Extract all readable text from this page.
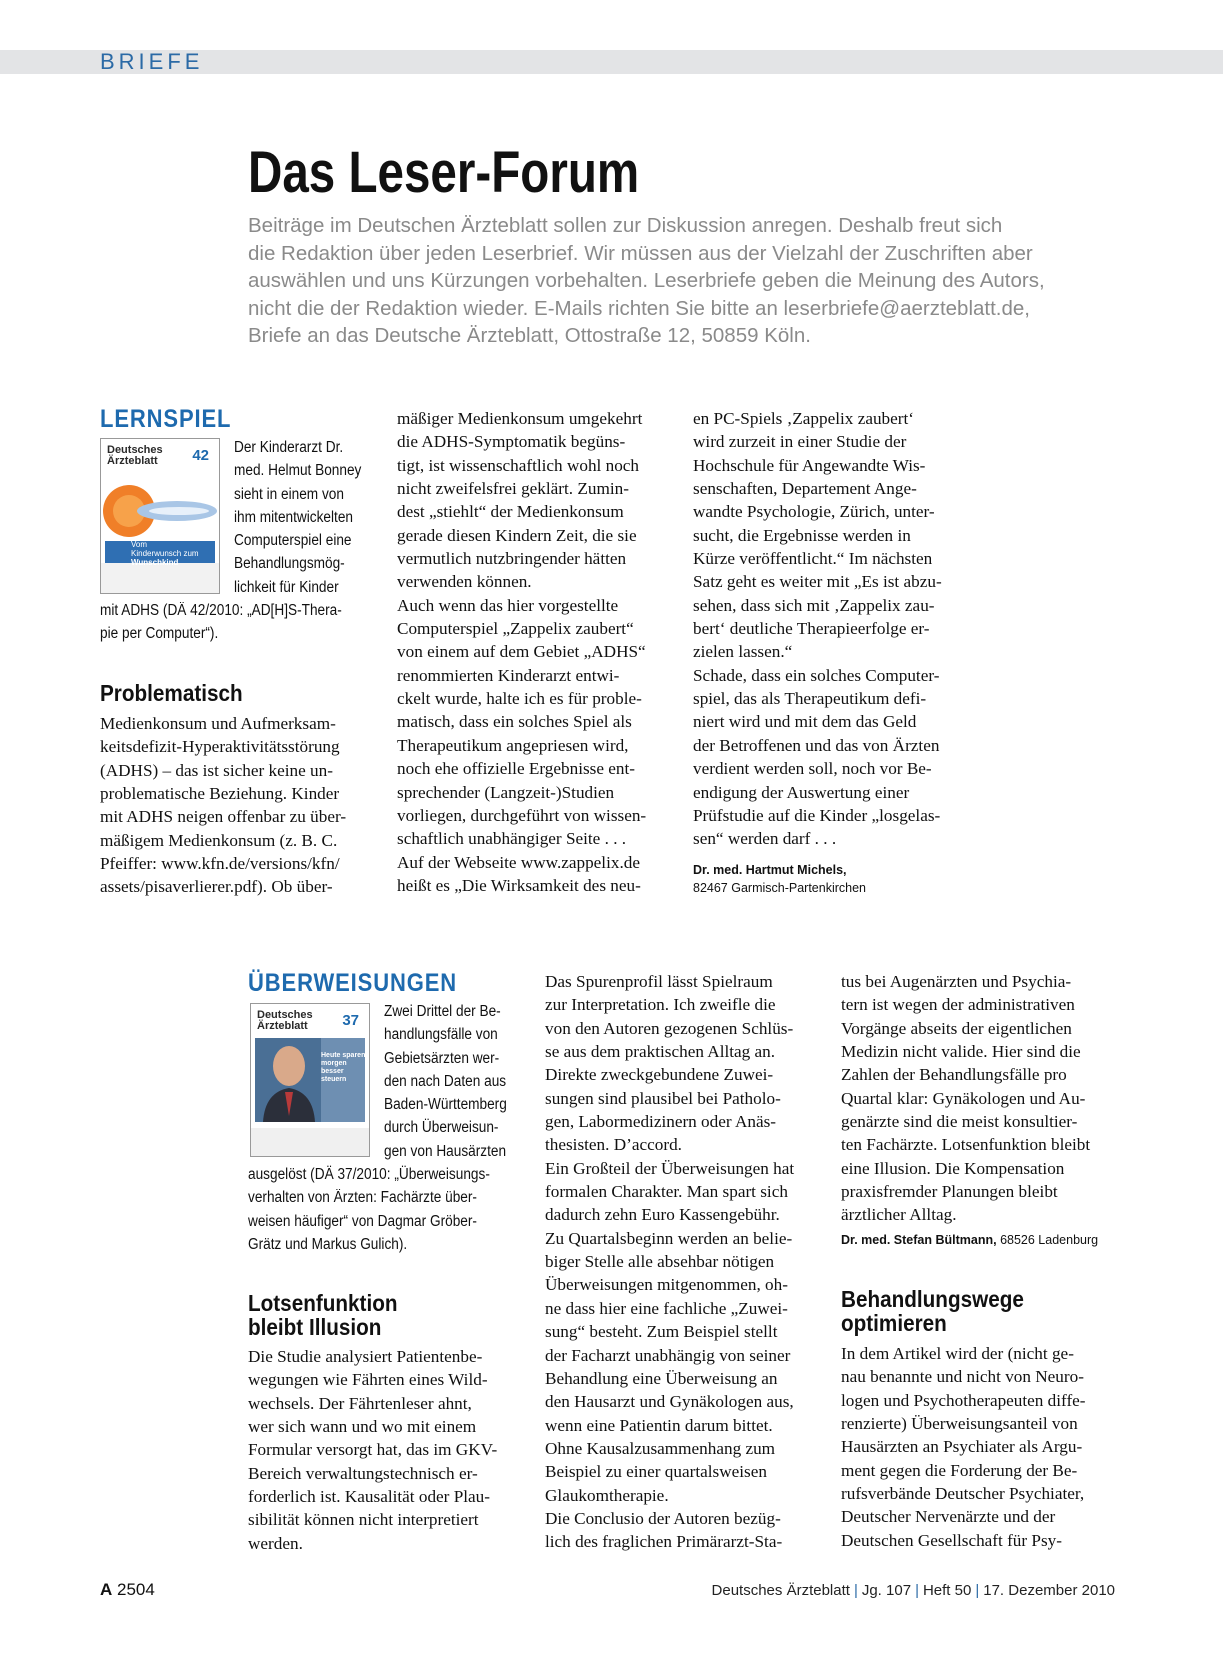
BRIEFE
Das Leser-Forum
Beiträge im Deutschen Ärzteblatt sollen zur Diskussion anregen. Deshalb freut sich
die Redaktion über jeden Leserbrief. Wir müssen aus der Vielzahl der Zuschriften aber
auswählen und uns Kürzungen vorbehalten. Leserbriefe geben die Meinung des Autors,
nicht die der Redaktion wieder. E-Mails richten Sie bitte an leserbriefe@aerzteblatt.de,
Briefe an das Deutsche Ärzteblatt, Ottostraße 12, 50859 Köln.
LERNSPIEL
Deutsches
Ärzteblatt	42
Vom
Kinderwunsch zum
Wunschkind
Der Kinderarzt Dr.
med. Helmut Bonney
sieht in einem von
ihm mitentwickelten
Computerspiel eine
Behandlungsmög-
lichkeit für Kinder
mit ADHS (DÄ 42/2010: „AD[H]S-Thera-
pie per Computer“).
Problematisch
Medienkonsum und Aufmerksam-
keitsdefizit-Hyperaktivitätsstörung
(ADHS) – das ist sicher keine un-
problematische Beziehung. Kinder
mit ADHS neigen offenbar zu über-
mäßigem Medienkonsum (z. B. C.
Pfeiffer: www.kfn.de/versions/kfn/
assets/pisaverlierer.pdf). Ob über-
mäßiger Medienkonsum umgekehrt
die ADHS-Symptomatik begüns-
tigt, ist wissenschaftlich wohl noch
nicht zweifelsfrei geklärt. Zumin-
dest „stiehlt“ der Medienkonsum
gerade diesen Kindern Zeit, die sie
vermutlich nutzbringender hätten
verwenden können.
Auch wenn das hier vorgestellte
Computerspiel „Zappelix zaubert“
von einem auf dem Gebiet „ADHS“
renommierten Kinderarzt entwi-
ckelt wurde, halte ich es für proble-
matisch, dass ein solches Spiel als
Therapeutikum angepriesen wird,
noch ehe offizielle Ergebnisse ent-
sprechender (Langzeit-)Studien
vorliegen, durchgeführt von wissen-
schaftlich unabhängiger Seite . . .
Auf der Webseite www.zappelix.de
heißt es „Die Wirksamkeit des neu-
en PC-Spiels ‚Zappelix zaubert‘
wird zurzeit in einer Studie der
Hochschule für Angewandte Wis-
senschaften, Departement Ange-
wandte Psychologie, Zürich, unter-
sucht, die Ergebnisse werden in
Kürze veröffentlicht.“ Im nächsten
Satz geht es weiter mit „Es ist abzu-
sehen, dass sich mit ‚Zappelix zau-
bert‘ deutliche Therapieerfolge er-
zielen lassen.“
Schade, dass ein solches Computer-
spiel, das als Therapeutikum defi-
niert wird und mit dem das Geld
der Betroffenen und das von Ärzten
verdient werden soll, noch vor Be-
endigung der Auswertung einer
Prüfstudie auf die Kinder „losgelas-
sen“ werden darf . . .
Dr. med. Hartmut Michels,
82467 Garmisch-Partenkirchen
ÜBERWEISUNGEN
Deutsches
Ärzteblatt	37
Heute sparen, morgen
besser steuern
Zwei Drittel der Be-
handlungsfälle von
Gebietsärzten wer-
den nach Daten aus
Baden-Württemberg
durch Überweisun-
gen von Hausärzten
ausgelöst (DÄ 37/2010: „Überweisungs-
verhalten von Ärzten: Fachärzte über-
weisen häufiger“ von Dagmar Gröber-
Grätz und Markus Gulich).
Lotsenfunktion
bleibt Illusion
Die Studie analysiert Patientenbe-
wegungen wie Fährten eines Wild-
wechsels. Der Fährtenleser ahnt,
wer sich wann und wo mit einem
Formular versorgt hat, das im GKV-
Bereich verwaltungstechnisch er-
forderlich ist. Kausalität oder Plau-
sibilität können nicht interpretiert
werden.
Das Spurenprofil lässt Spielraum
zur Interpretation. Ich zweifle die
von den Autoren gezogenen Schlüs-
se aus dem praktischen Alltag an.
Direkte zweckgebundene Zuwei-
sungen sind plausibel bei Patholo-
gen, Labormedizinern oder Anäs-
thesisten. D’accord.
Ein Großteil der Überweisungen hat
formalen Charakter. Man spart sich
dadurch zehn Euro Kassengebühr.
Zu Quartalsbeginn werden an belie-
biger Stelle alle absehbar nötigen
Überweisungen mitgenommen, oh-
ne dass hier eine fachliche „Zuwei-
sung“ besteht. Zum Beispiel stellt
der Facharzt unabhängig von seiner
Behandlung eine Überweisung an
den Hausarzt und Gynäkologen aus,
wenn eine Patientin darum bittet.
Ohne Kausalzusammenhang zum
Beispiel zu einer quartalsweisen
Glaukomtherapie.
Die Conclusio der Autoren bezüg-
lich des fraglichen Primärarzt-Sta-
tus bei Augenärzten und Psychia-
tern ist wegen der administrativen
Vorgänge abseits der eigentlichen
Medizin nicht valide. Hier sind die
Zahlen der Behandlungsfälle pro
Quartal klar: Gynäkologen und Au-
genärzte sind die meist konsultier-
ten Fachärzte. Lotsenfunktion bleibt
eine Illusion. Die Kompensation
praxisfremder Planungen bleibt
ärztlicher Alltag.
Dr. med. Stefan Bültmann, 68526 Ladenburg
Behandlungswege
optimieren
In dem Artikel wird der (nicht ge-
nau benannte und nicht von Neuro-
logen und Psychotherapeuten diffe-
renzierte) Überweisungsanteil von
Hausärzten an Psychiater als Argu-
ment gegen die Forderung der Be-
rufsverbände Deutscher Psychiater,
Deutscher Nervenärzte und der
Deutschen Gesellschaft für Psy-
A 2504	Deutsches Ärzteblatt | Jg. 107 | Heft 50 | 17. Dezember 2010
